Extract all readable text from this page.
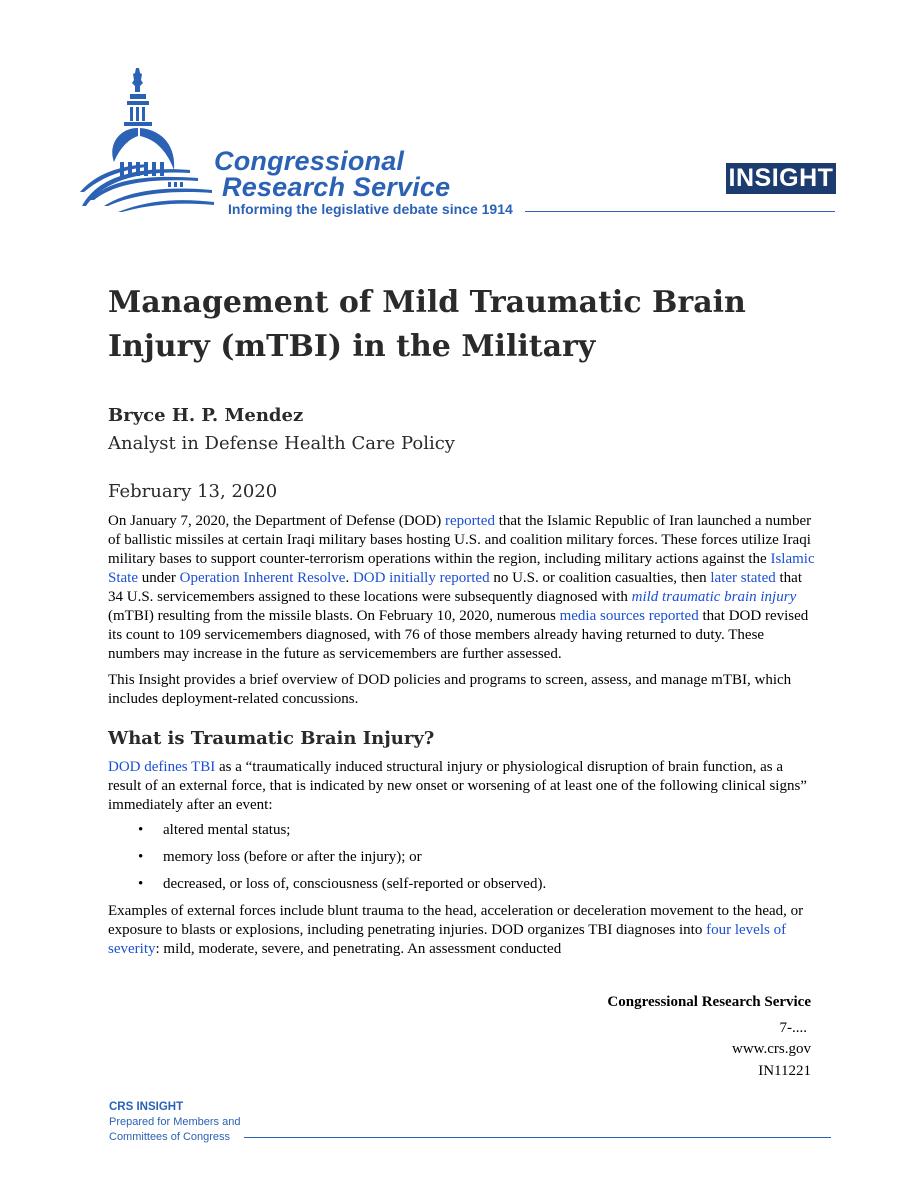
Congressional
Research Service
Informing the legislative debate since 1914
INSIGHT
Management of Mild Traumatic Brain Injury (mTBI) in the Military
Bryce H. P. Mendez
Analyst in Defense Health Care Policy
February 13, 2020

On January 7, 2020, the Department of Defense (DOD) reported that the Islamic Republic of Iran launched a number of ballistic missiles at certain Iraqi military bases hosting U.S. and coalition military forces. These forces utilize Iraqi military bases to support counter-terrorism operations within the region, including military actions against the Islamic State under Operation Inherent Resolve. DOD initially reported no U.S. or coalition casualties, then later stated that 34 U.S. servicemembers assigned to these locations were subsequently diagnosed with mild traumatic brain injury (mTBI) resulting from the missile blasts. On February 10, 2020, numerous media sources reported that DOD revised its count to 109 servicemembers diagnosed, with 76 of those members already having returned to duty. These numbers may increase in the future as servicemembers are further assessed.

This Insight provides a brief overview of DOD policies and programs to screen, assess, and manage mTBI, which includes deployment-related concussions.

What is Traumatic Brain Injury?

DOD defines TBI as a “traumatically induced structural injury or physiological disruption of brain function, as a result of an external force, that is indicated by new onset or worsening of at least one of the following clinical signs” immediately after an event:

• altered mental status;
• memory loss (before or after the injury); or
• decreased, or loss of, consciousness (self-reported or observed).

Examples of external forces include blunt trauma to the head, acceleration or deceleration movement to the head, or exposure to blasts or explosions, including penetrating injuries. DOD organizes TBI diagnoses into four levels of severity: mild, moderate, severe, and penetrating. An assessment conducted

Congressional Research Service
7-....
www.crs.gov
IN11221
CRS INSIGHT
Prepared for Members and
Committees of Congress
